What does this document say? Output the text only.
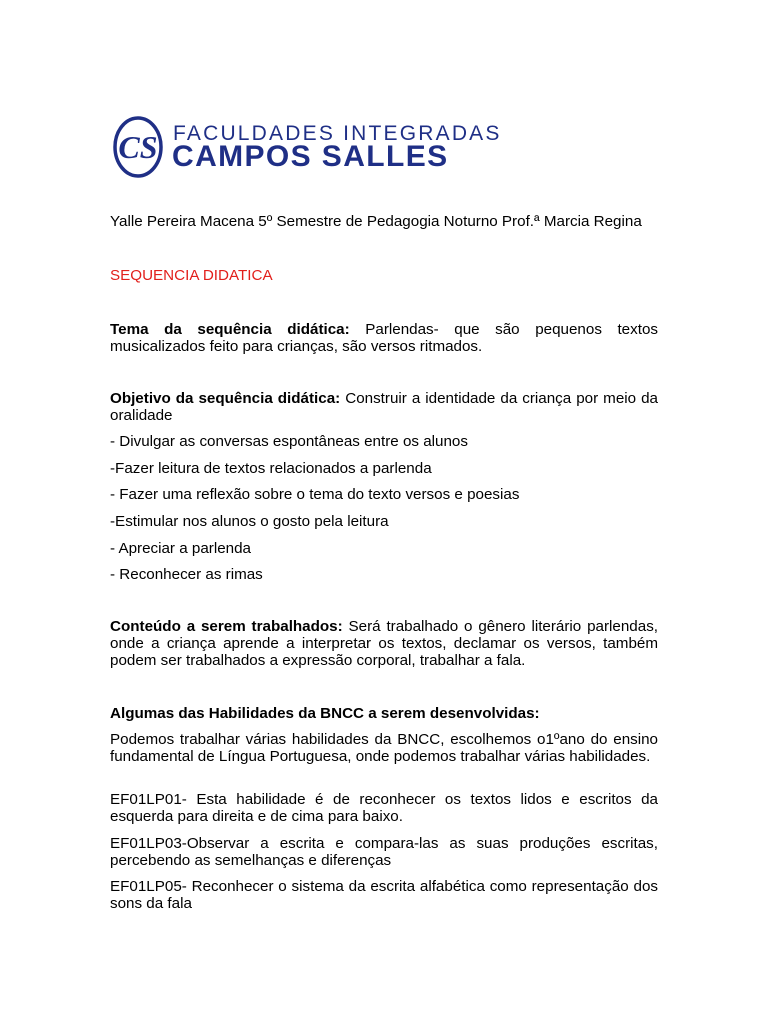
CS FACULDADES INTEGRADAS
CAMPOS SALLES

Yalle Pereira Macena 5º Semestre de Pedagogia Noturno Prof.ª Marcia Regina

SEQUENCIA DIDATICA

Tema da sequência didática: Parlendas- que são pequenos textos musicalizados feito para crianças, são versos ritmados.

Objetivo da sequência didática: Construir a identidade da criança por meio da oralidade

- Divulgar as conversas espontâneas entre os alunos

-Fazer leitura de textos relacionados a parlenda

- Fazer uma reflexão sobre o tema do texto versos e poesias

-Estimular nos alunos o gosto pela leitura

- Apreciar a parlenda

- Reconhecer as rimas

Conteúdo a serem trabalhados: Será trabalhado o gênero literário parlendas, onde a criança aprende a interpretar os textos, declamar os versos, também podem ser trabalhados a expressão corporal, trabalhar a fala.

Algumas das Habilidades da BNCC a serem desenvolvidas:

Podemos trabalhar várias habilidades da BNCC, escolhemos o1ºano do ensino fundamental de Língua Portuguesa, onde podemos trabalhar várias habilidades.

EF01LP01- Esta habilidade é de reconhecer os textos lidos e escritos da esquerda para direita e de cima para baixo.

EF01LP03-Observar a escrita e compara-las as suas produções escritas, percebendo as semelhanças e diferenças

EF01LP05- Reconhecer o sistema da escrita alfabética como representação dos sons da fala
